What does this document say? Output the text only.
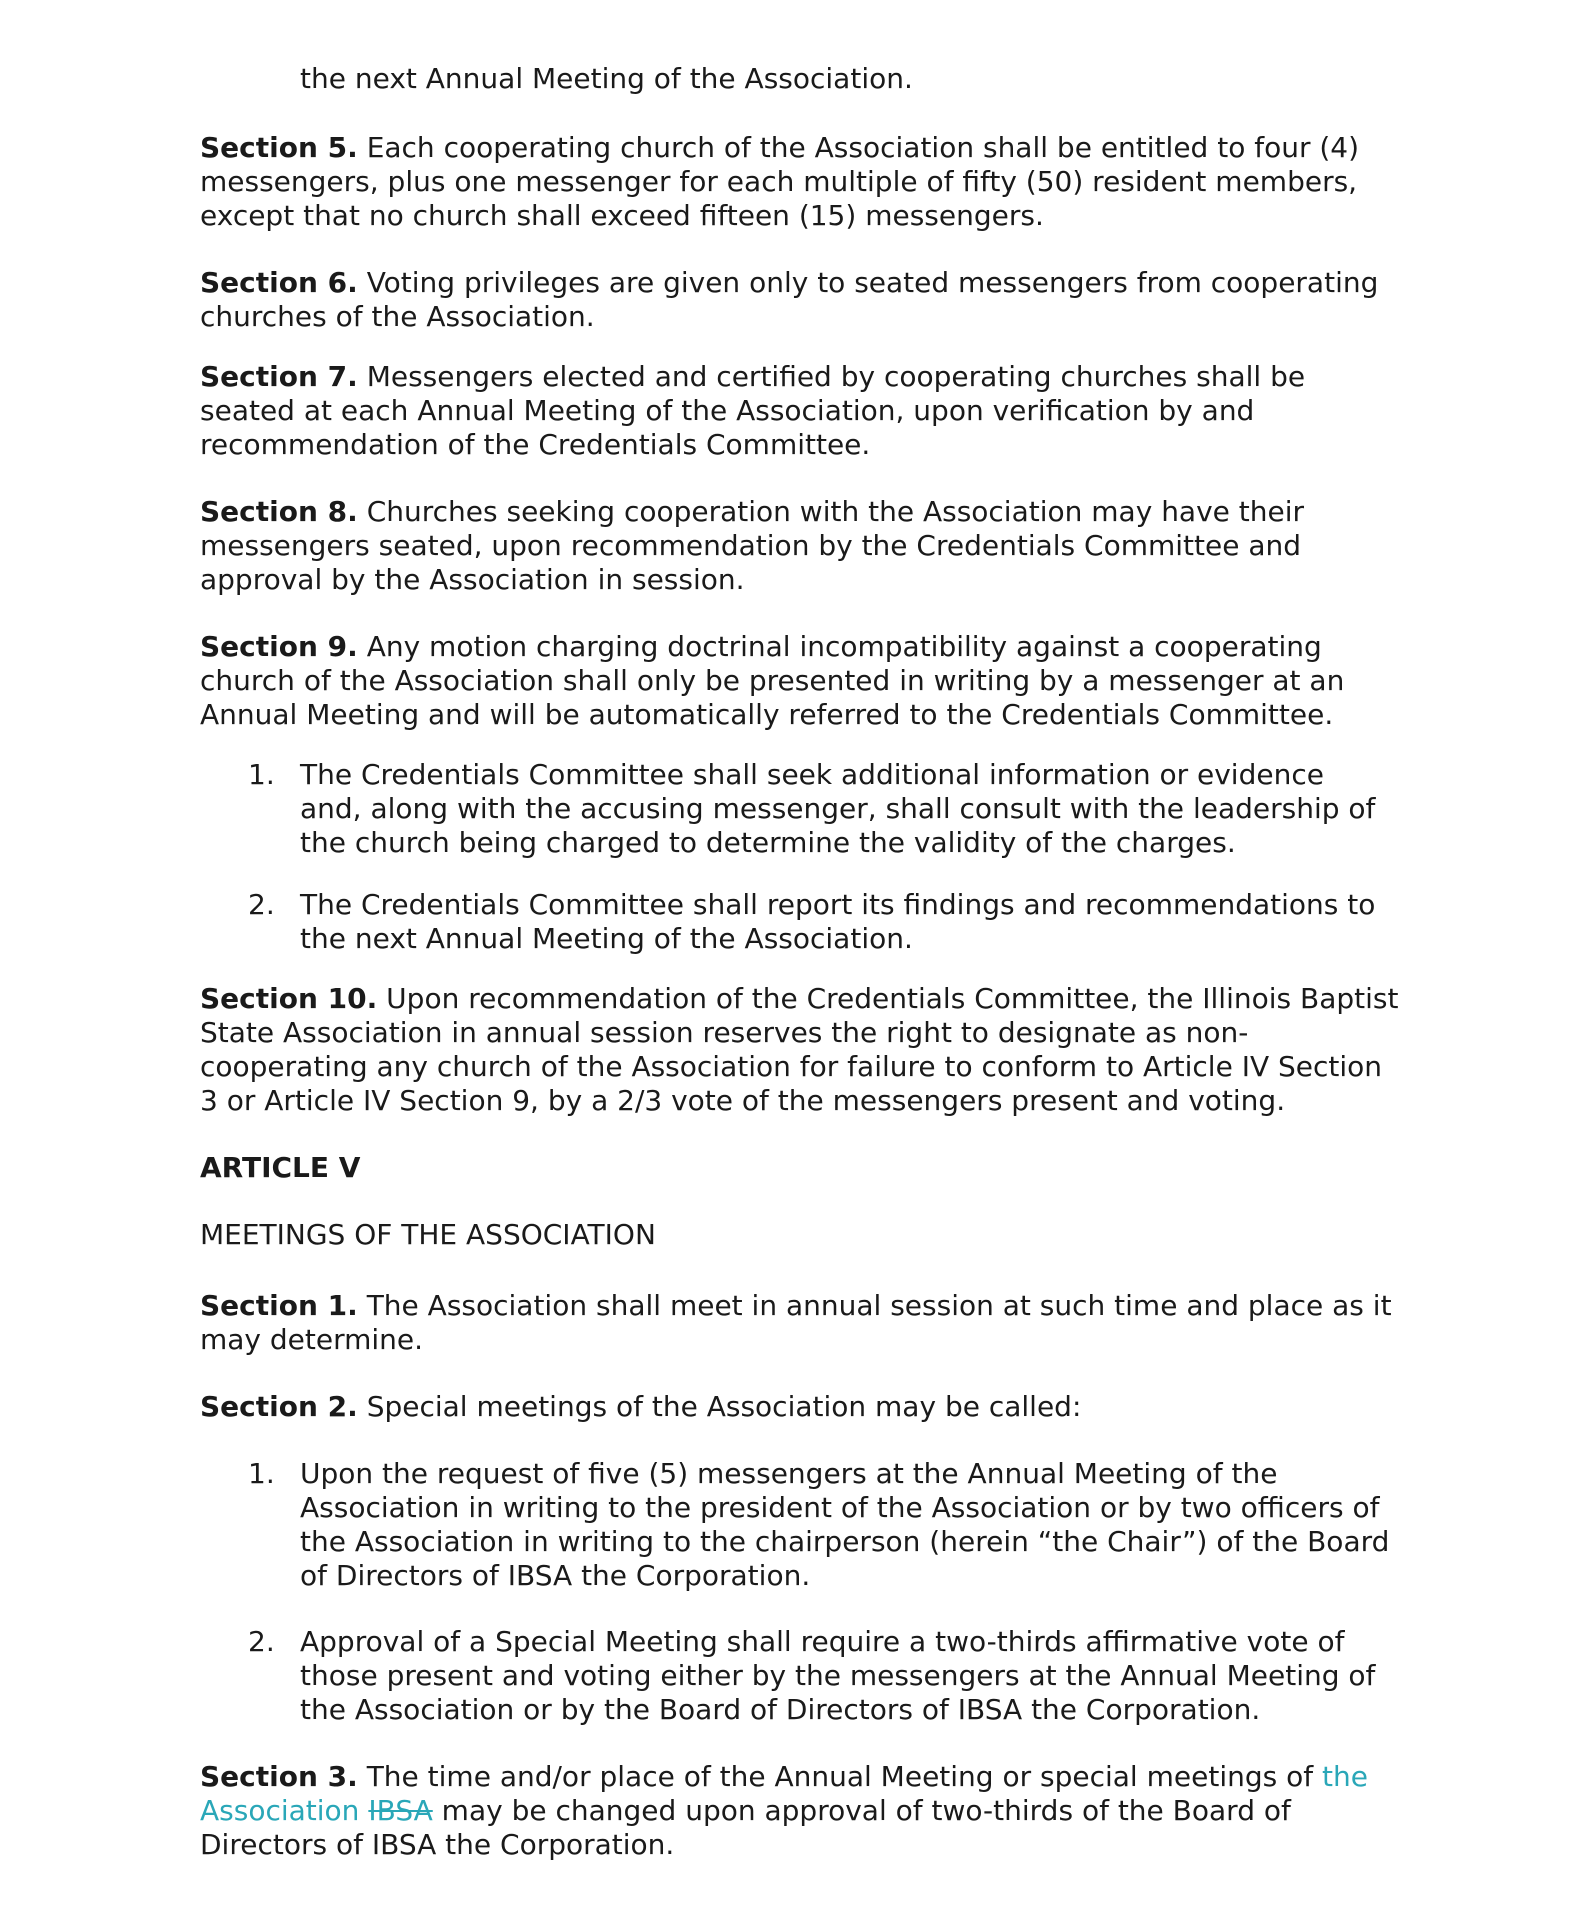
the next Annual Meeting of the Association.

Section 5. Each cooperating church of the Association shall be entitled to four (4) messengers, plus one messenger for each multiple of fifty (50) resident members, except that no church shall exceed fifteen (15) messengers.

Section 6. Voting privileges are given only to seated messengers from cooperating churches of the Association.

Section 7. Messengers elected and certified by cooperating churches shall be seated at each Annual Meeting of the Association, upon verification by and recommendation of the Credentials Committee.

Section 8. Churches seeking cooperation with the Association may have their messengers seated, upon recommendation by the Credentials Committee and approval by the Association in session.

Section 9. Any motion charging doctrinal incompatibility against a cooperating church of the Association shall only be presented in writing by a messenger at an Annual Meeting and will be automatically referred to the Credentials Committee.

1. The Credentials Committee shall seek additional information or evidence and, along with the accusing messenger, shall consult with the leadership of the church being charged to determine the validity of the charges.
2. The Credentials Committee shall report its findings and recommendations to the next Annual Meeting of the Association.

Section 10. Upon recommendation of the Credentials Committee, the Illinois Baptist State Association in annual session reserves the right to designate as non-cooperating any church of the Association for failure to conform to Article IV Section 3 or Article IV Section 9, by a 2/3 vote of the messengers present and voting.

ARTICLE V

MEETINGS OF THE ASSOCIATION

Section 1. The Association shall meet in annual session at such time and place as it may determine.

Section 2. Special meetings of the Association may be called:

1. Upon the request of five (5) messengers at the Annual Meeting of the Association in writing to the president of the Association or by two officers of the Association in writing to the chairperson (herein “the Chair”) of the Board of Directors of IBSA the Corporation.
2. Approval of a Special Meeting shall require a two-thirds affirmative vote of those present and voting either by the messengers at the Annual Meeting of the Association or by the Board of Directors of IBSA the Corporation.

Section 3. The time and/or place of the Annual Meeting or special meetings of the Association IBSA may be changed upon approval of two-thirds of the Board of Directors of IBSA the Corporation.
